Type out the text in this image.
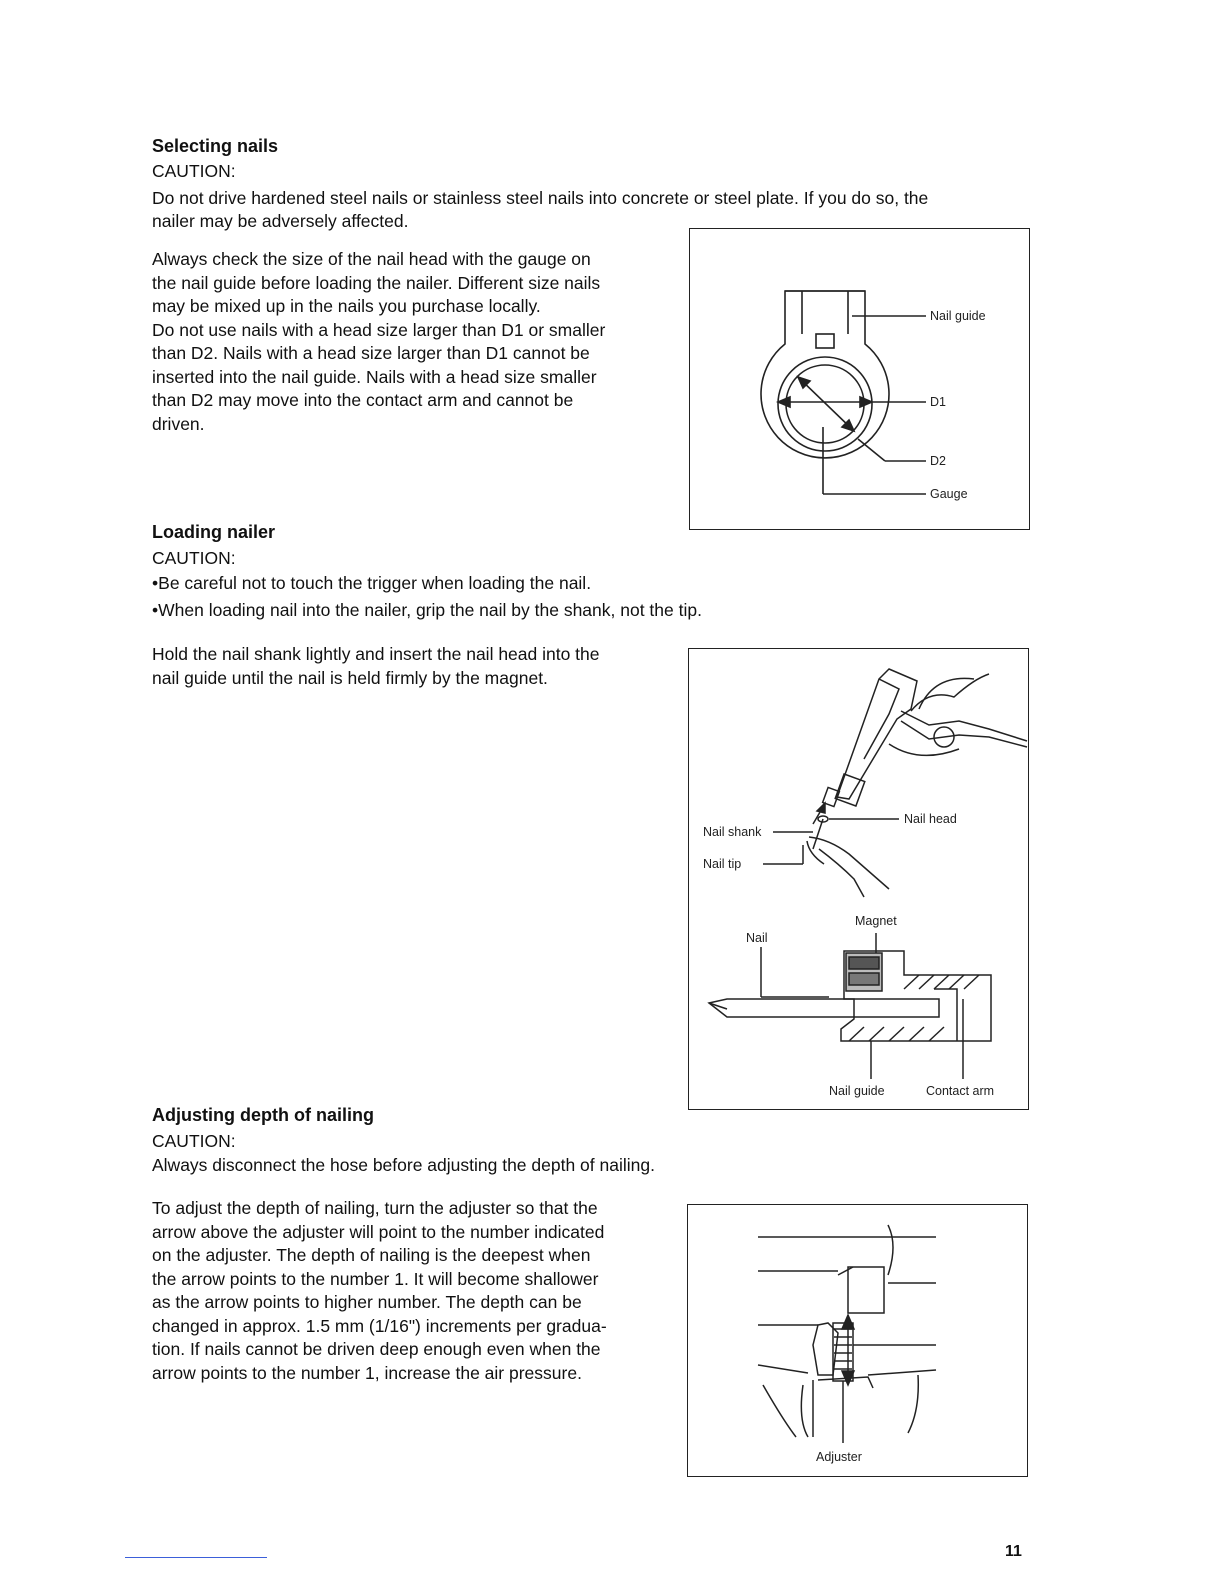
Selecting nails
CAUTION:
Do not drive hardened steel nails or stainless steel nails into concrete or steel plate. If you do so, the
nailer may be adversely affected.
Always check the size of the nail head with the gauge on
the nail guide before loading the nailer. Different size nails
may be mixed up in the nails you purchase locally.
Do not use nails with a head size larger than D1 or smaller
than D2. Nails with a head size larger than D1 cannot be
inserted into the nail guide. Nails with a head size smaller
than D2 may move into the contact arm and cannot be
driven.
Nail guide
D1
D2
Gauge
Loading nailer
CAUTION:
•Be careful not to touch the trigger when loading the nail.
•When loading nail into the nailer, grip the nail by the shank, not the tip.
Hold the nail shank lightly and insert the nail head into the
nail guide until the nail is held firmly by the magnet.
Nail head
Nail shank
Nail tip
Magnet
Nail
Nail guide	Contact arm
Adjusting depth of nailing
CAUTION:
Always disconnect the hose before adjusting the depth of nailing.
To adjust the depth of nailing, turn the adjuster so that the
arrow above the adjuster will point to the number indicated
on the adjuster. The depth of nailing is the deepest when
the arrow points to the number 1. It will become shallower
as the arrow points to higher number. The depth can be
changed in approx. 1.5 mm (1/16") increments per gradua-
tion. If nails cannot be driven deep enough even when the
arrow points to the number 1, increase the air pressure.
Adjuster
11
